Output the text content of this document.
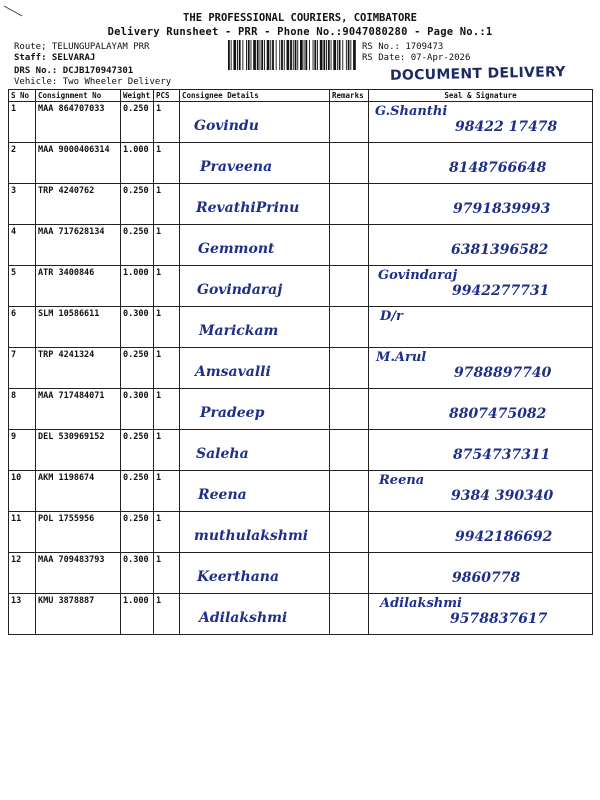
THE PROFESSIONAL COURIERS, COIMBATORE
Delivery Runsheet - PRR - Phone No.:9047080280 - Page No.:1
Route; TELUNGUPALAYAM PRR
Staff: SELVARAJ
DRS No.: DCJB170947301
Vehicle: Two Wheeler Delivery
RS No.: 1709473
RS Date: 07-Apr-2026
DOCUMENT DELIVERY
S No	Consignment No	Weight	PCS	Consignee Details	Remarks	Seal & Signature
1	MAA 864707033	0.250	1	Govindu		G.Shanthi
98422 17478

2	MAA 9000406314	1.000	1	Praveena		8148766648

3	TRP 4240762	0.250	1	RevathiPrinu		9791839993

4	MAA 717628134	0.250	1	Gemmont		6381396582

5	ATR 3400846	1.000	1	Govindaraj		Govindaraj
9942277731

6	SLM 10586611	0.300	1	Marickam		D/r

7	TRP 4241324	0.250	1	Amsavalli		M.Arul
9788897740

8	MAA 717484071	0.300	1	Pradeep		8807475082

9	DEL 530969152	0.250	1	Saleha		8754737311

10	AKM 1198674	0.250	1	Reena		Reena
9384 390340

11	POL 1755956	0.250	1	muthulakshmi		9942186692

12	MAA 709483793	0.300	1	Keerthana		9860778

13	KMU 3878887	1.000	1	Adilakshmi		Adilakshmi
9578837617
